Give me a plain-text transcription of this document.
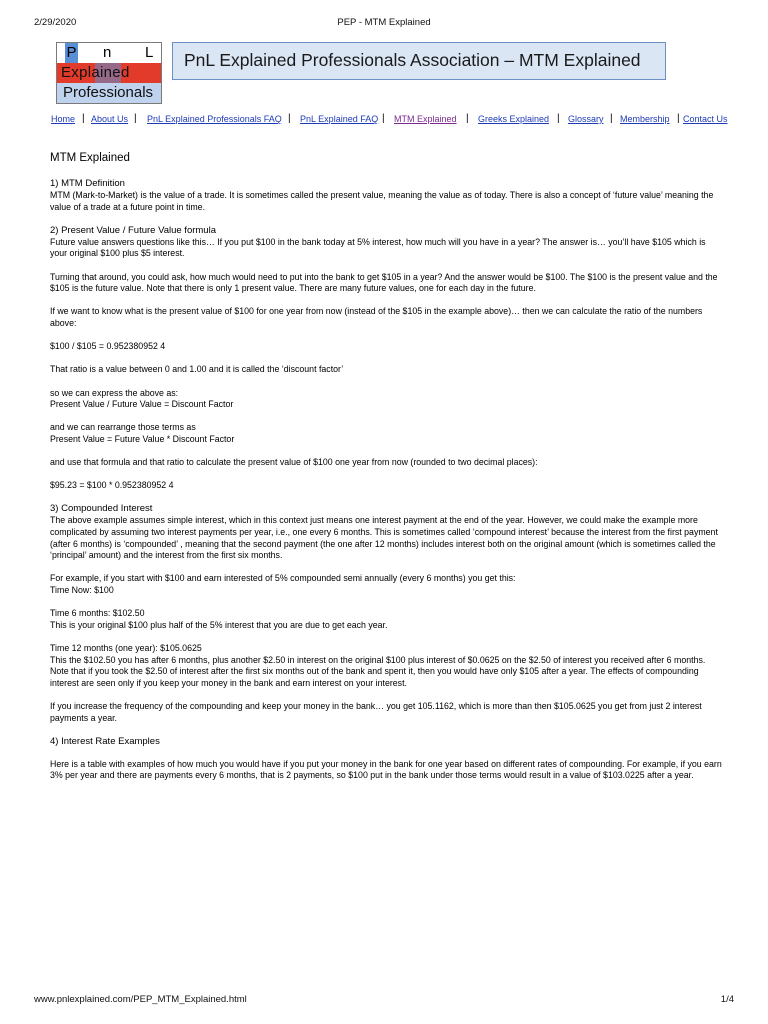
2/29/2020	PEP - MTM Explained
P n L
Explained
Professionals
PnL Explained Professionals Association – MTM Explained
Home | About Us | PnL Explained Professionals FAQ | PnL Explained FAQ | MTM Explained | Greeks Explained | Glossary | Membership | Contact Us
MTM Explained
1) MTM Definition

MTM (Mark-to-Market) is the value of a trade. It is sometimes called the present value, meaning the value as of today. There is also a concept of ‘future value’ meaning the value of a trade at a future point in time.

2) Present Value / Future Value formula

Future value answers questions like this… If you put $100 in the bank today at 5% interest, how much will you have in a year? The answer is… you’ll have $105 which is your original $100 plus $5 interest.

Turning that around, you could ask, how much would need to put into the bank to get $105 in a year? And the answer would be $100. The $100 is the present value and the $105 is the future value. Note that there is only 1 present value. There are many future values, one for each day in the future.

If we want to know what is the present value of $100 for one year from now (instead of the $105 in the example above)… then we can calculate the ratio of the numbers above:

$100 / $105 = 0.952380952 4

That ratio is a value between 0 and 1.00 and it is called the ‘discount factor’

so we can express the above as:
Present Value / Future Value = Discount Factor

and we can rearrange those terms as
Present Value = Future Value * Discount Factor

and use that formula and that ratio to calculate the present value of $100 one year from now (rounded to two decimal places):

$95.23 = $100 * 0.952380952 4

3) Compounded Interest

The above example assumes simple interest, which in this context just means one interest payment at the end of the year. However, we could make the example more complicated by assuming two interest payments per year, i.e., one every 6 months. This is sometimes called ‘compound interest’ because the interest from the first payment (after 6 months) is ‘compounded’ , meaning that the second payment (the one after 12 months) includes interest both on the original amount (which is sometimes called the ‘principal’ amount) and the interest from the first six months.

For example, if you start with $100 and earn interested of 5% compounded semi annually (every 6 months) you get this:
Time Now: $100

Time 6 months: $102.50
This is your original $100 plus half of the 5% interest that you are due to get each year.

Time 12 months (one year): $105.0625
This the $102.50 you has after 6 months, plus another $2.50 in interest on the original $100 plus interest of $0.0625 on the $2.50 of interest you received after 6 months. Note that if you took the $2.50 of interest after the first six months out of the bank and spent it, then you would have only $105 after a year. The effects of compounding interest are seen only if you keep your money in the bank and earn interest on your interest.

If you increase the frequency of the compounding and keep your money in the bank… you get 105.1162, which is more than then $105.0625 you get from just 2 interest payments a year.

4) Interest Rate Examples

Here is a table with examples of how much you would have if you put your money in the bank for one year based on different rates of compounding. For example, if you earn 3% per year and there are payments every 6 months, that is 2 payments, so $100 put in the bank under those terms would result in a value of $103.0225 after a year.

www.pnlexplained.com/PEP_MTM_Explained.html	1/4
